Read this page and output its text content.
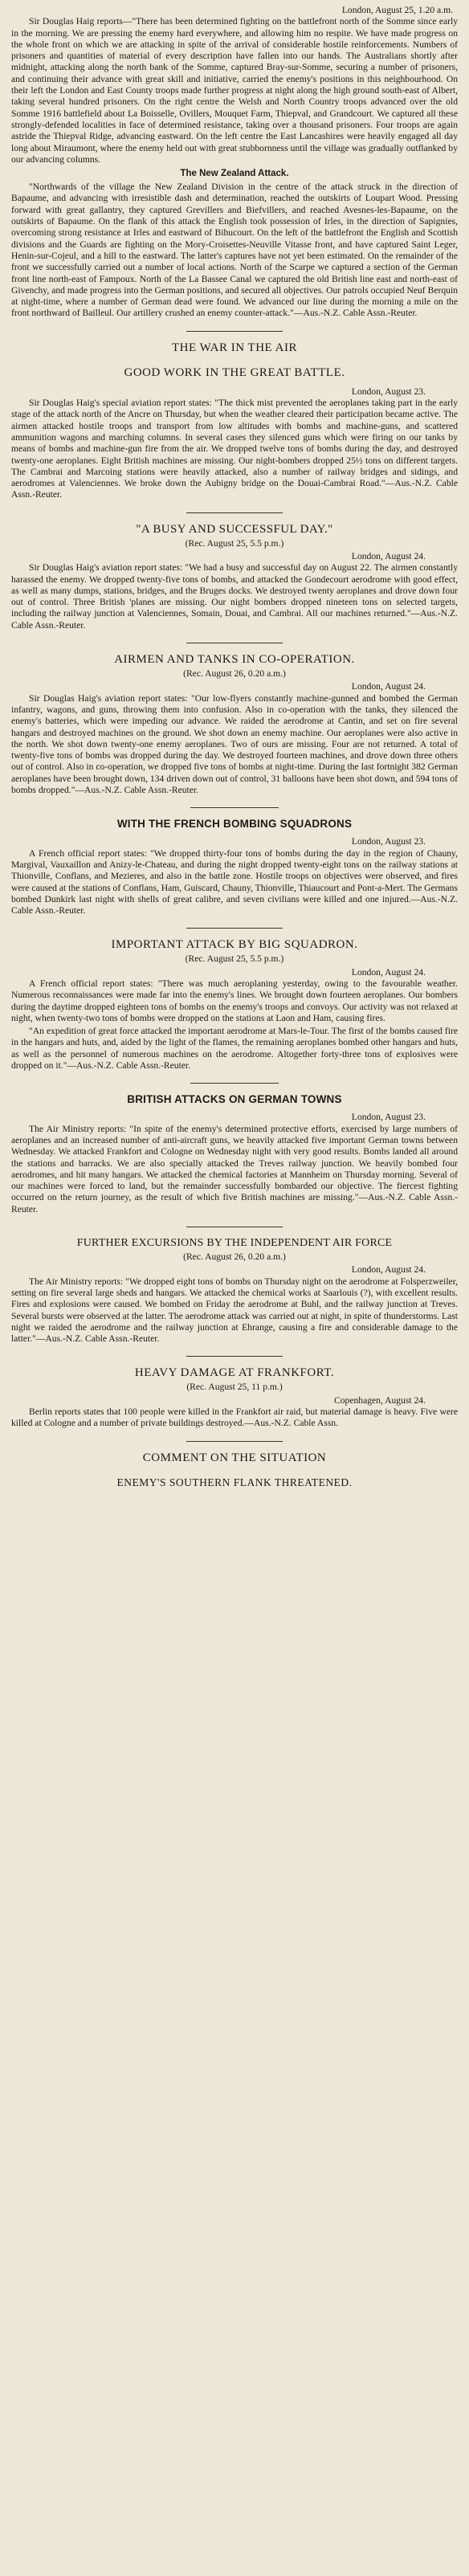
London, August 25, 1.20 a.m.

Sir Douglas Haig reports—"There has been determined fighting on the battlefront north of the Somme since early in the morning. We are pressing the enemy hard everywhere, and allowing him no respite. We have made progress on the whole front on which we are attacking in spite of the arrival of considerable hostile reinforcements. Numbers of prisoners and quantities of material of every description have fallen into our hands. The Australians shortly after midnight, attacking along the north bank of the Somme, captured Bray-sur-Somme, securing a number of prisoners, and continuing their advance with great skill and initiative, carried the enemy's positions in this neighbourhood. On their left the London and East County troops made further progress at night along the high ground south-east of Albert, taking several hundred prisoners. On the right centre the Welsh and North Country troops advanced over the old Somme 1916 battlefield about La Boisselle, Ovillers, Mouquet Farm, Thiepval, and Grandcourt. We captured all these strongly-defended localities in face of determined resistance, taking over a thousand prisoners. Four troops are again astride the Thiepval Ridge, advancing eastward. On the left centre the East Lancashires were heavily engaged all day long about Miraumont, where the enemy held out with great stubbornness until the village was gradually outflanked by our advancing columns.

The New Zealand Attack.

"Northwards of the village the New Zealand Division in the centre of the attack struck in the direction of Bapaume, and advancing with irresistible dash and determination, reached the outskirts of Loupart Wood. Pressing forward with great gallantry, they captured Grevillers and Biefvillers, and reached Avesnes-les-Bapaume, on the outskirts of Bapaume. On the flank of this attack the English took possession of Irles, in the direction of Sapignies, overcoming strong resistance at Irles and eastward of Bihucourt. On the left of the battlefront the English and Scottish divisions and the Guards are fighting on the Mory-Croisettes-Neuville Vitasse front, and have captured Saint Leger, Henin-sur-Cojeul, and a hill to the eastward. The latter's captures have not yet been estimated. On the remainder of the front we successfully carried out a number of local actions. North of the Scarpe we captured a section of the German front line north-east of Fampoux. North of the La Bassee Canal we captured the old British line east and north-east of Givenchy, and made progress into the German positions, and secured all objectives. Our patrols occupied Neuf Berquin at night-time, where a number of German dead were found. We advanced our line during the morning a mile on the front northward of Bailleul. Our artillery crushed an enemy counter-attack."—Aus.-N.Z. Cable Assn.-Reuter.

THE WAR IN THE AIR

GOOD WORK IN THE GREAT BATTLE.

London, August 23.

Sir Douglas Haig's special aviation report states: "The thick mist prevented the aeroplanes taking part in the early stage of the attack north of the Ancre on Thursday, but when the weather cleared their participation became active. The airmen attacked hostile troops and transport from low altitudes with bombs and machine-guns, and scattered ammunition wagons and marching columns. In several cases they silenced guns which were firing on our tanks by means of bombs and machine-gun fire from the air. We dropped twelve tons of bombs during the day, and destroyed twenty-one aeroplanes. Eight British machines are missing. Our night-bombers dropped 25½ tons on different targets. The Cambrai and Marcoing stations were heavily attacked, also a number of railway bridges and sidings, and aerodromes at Valenciennes. We broke down the Aubigny bridge on the Douai-Cambrai Road."—Aus.-N.Z. Cable Assn.-Reuter.

"A BUSY AND SUCCESSFUL DAY."

(Rec. August 25, 5.5 p.m.)

London, August 24.

Sir Douglas Haig's aviation report states: "We had a busy and successful day on August 22. The airmen constantly harassed the enemy. We dropped twenty-five tons of bombs, and attacked the Gondecourt aerodrome with good effect, as well as many dumps, stations, bridges, and the Bruges docks. We destroyed twenty aeroplanes and drove down four out of control. Three British 'planes are missing. Our night bombers dropped nineteen tons on selected targets, including the railway junction at Valenciennes, Somain, Douai, and Cambrai. All our machines returned."—Aus.-N.Z. Cable Assn.-Reuter.

AIRMEN AND TANKS IN CO-OPERATION.

(Rec. August 26, 0.20 a.m.)

London, August 24.

Sir Douglas Haig's aviation report states: "Our low-flyers constantly machine-gunned and bombed the German infantry, wagons, and guns, throwing them into confusion. Also in co-operation with the tanks, they silenced the enemy's batteries, which were impeding our advance. We raided the aerodrome at Cantin, and set on fire several hangars and destroyed machines on the ground. We shot down an enemy machine. Our aeroplanes were also active in the north. We shot down twenty-one enemy aeroplanes. Two of ours are missing. Four are not returned. A total of twenty-five tons of bombs was dropped during the day. We destroyed fourteen machines, and drove down three others out of control. Also in co-operation, we dropped five tons of bombs at night-time. During the last fortnight 382 German aeroplanes have been brought down, 134 driven down out of control, 31 balloons have been shot down, and 594 tons of bombs dropped."—Aus.-N.Z. Cable Assn.-Reuter.

WITH THE FRENCH BOMBING SQUADRONS

London, August 23.

A French official report states: "We dropped thirty-four tons of bombs during the day in the region of Chauny, Margival, Vauxaillon and Anizy-le-Chateau, and during the night dropped twenty-eight tons on the railway stations at Thionville, Conflans, and Mezieres, and also in the battle zone. Hostile troops on objectives were observed, and fires were caused at the stations of Conflans, Ham, Guiscard, Chauny, Thionville, Thiaucourt and Pont-a-Mert. The Germans bombed Dunkirk last night with shells of great calibre, and seven civilians were killed and one injured.—Aus.-N.Z. Cable Assn.-Reuter.

IMPORTANT ATTACK BY BIG SQUADRON.

(Rec. August 25, 5.5 p.m.)

London, August 24.

A French official report states: "There was much aeroplaning yesterday, owing to the favourable weather. Numerous reconnaissances were made far into the enemy's lines. We brought down fourteen aeroplanes. Our bombers during the daytime dropped eighteen tons of bombs on the enemy's troops and convoys. Our activity was not relaxed at night, when twenty-two tons of bombs were dropped on the stations at Laon and Ham, causing fires.

"An expedition of great force attacked the important aerodrome at Mars-le-Tour. The first of the bombs caused fire in the hangars and huts, and, aided by the light of the flames, the remaining aeroplanes bombed other hangars and huts, as well as the personnel of numerous machines on the aerodrome. Altogether forty-three tons of explosives were dropped on it."—Aus.-N.Z. Cable Assn.-Reuter.

BRITISH ATTACKS ON GERMAN TOWNS

London, August 23.

The Air Ministry reports: "In spite of the enemy's determined protective efforts, exercised by large numbers of aeroplanes and an increased number of anti-aircraft guns, we heavily attacked five important German towns between Wednesday. We attacked Frankfort and Cologne on Wednesday night with very good results. Bombs landed all around the stations and barracks. We are also specially attacked the Treves railway junction. We heavily bombed four aerodromes, and hit many hangars. We attacked the chemical factories at Mannheim on Thursday morning. Several of our machines were forced to land, but the remainder successfully bombarded our objective. The fiercest fighting occurred on the return journey, as the result of which five British machines are missing."—Aus.-N.Z. Cable Assn.-Reuter.

FURTHER EXCURSIONS BY THE INDEPENDENT AIR FORCE

(Rec. August 26, 0.20 a.m.)

London, August 24.

The Air Ministry reports: "We dropped eight tons of bombs on Thursday night on the aerodrome at Folsperzweiler, setting on fire several large sheds and hangars. We attacked the chemical works at Saarlouis (?), with excellent results. Fires and explosions were caused. We bombed on Friday the aerodrome at Buhl, and the railway junction at Treves. Several bursts were observed at the latter. The aerodrome attack was carried out at night, in spite of thunderstorms. Last night we raided the aerodrome and the railway junction at Ehrange, causing a fire and considerable damage to the latter."—Aus.-N.Z. Cable Assn.-Reuter.

HEAVY DAMAGE AT FRANKFORT.

(Rec. August 25, 11 p.m.)

Copenhagen, August 24.

Berlin reports states that 100 people were killed in the Frankfort air raid, but material damage is heavy. Five were killed at Cologne and a number of private buildings destroyed.—Aus.-N.Z. Cable Assn.

COMMENT ON THE SITUATION

ENEMY'S SOUTHERN FLANK THREATENED.
